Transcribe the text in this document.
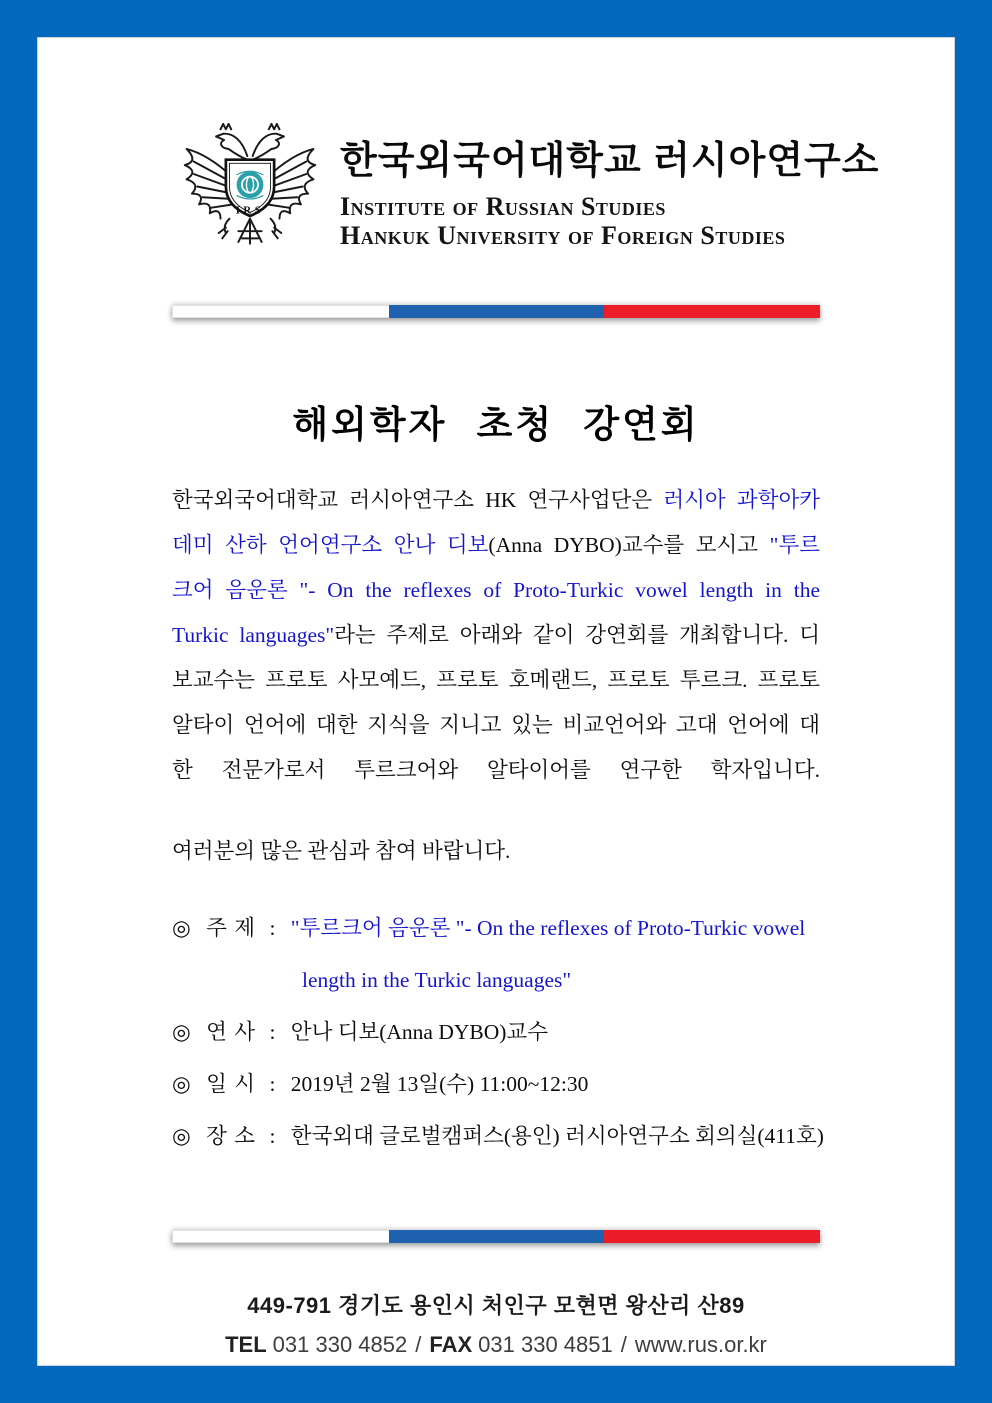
IRS
한국외국어대학교 러시아연구소
Institute of Russian Studies
Hankuk University of Foreign Studies
해외학자 초청 강연회

한국외국어대학교 러시아연구소 HK 연구사업단은 러시아 과학아카데미 산하 언어연구소 안나 디보(Anna DYBO)교수를 모시고 "투르크어 음운론 "- On the reflexes of Proto-Turkic vowel length in the Turkic languages"라는 주제로 아래와 같이 강연회를 개최합니다. 디보교수는 프로토 사모예드, 프로토 호메랜드, 프로토 투르크. 프로토 알타이 언어에 대한 지식을 지니고 있는 비교언어와 고대 언어에 대한 전문가로서 투르크어와 알타이어를 연구한 학자입니다.

여러분의 많은 관심과 참여 바랍니다.

◎ 주 제 : "투르크어 음운론 "- On the reflexes of Proto-Turkic vowel
length in the Turkic languages"
◎ 연 사 : 안나 디보(Anna DYBO)교수
◎ 일 시 : 2019년 2월 13일(수) 11:00~12:30
◎ 장 소 : 한국외대 글로벌캠퍼스(용인) 러시아연구소 회의실(411호)
449-791 경기도 용인시 처인구 모현면 왕산리 산89
TEL 031 330 4852 / FAX 031 330 4851 / www.rus.or.kr
